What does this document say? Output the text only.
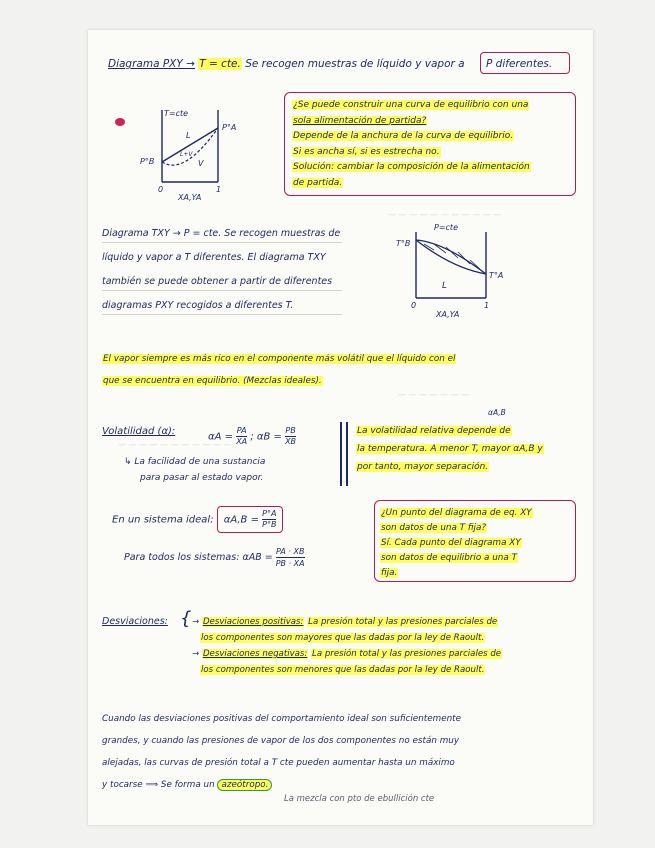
— — — — — — — — — — —
— — — — — — —
— — — — — — — — — — —
Diagrama PXY → T = cte. Se recogen muestras de líquido y vapor a P diferentes.
T=cte
P°A
P°B
L
V
L+V
0	1
XA,YA
¿Se puede construir una curva de equilibrio con una
sola alimentación de partida?
Depende de la anchura de la curva de equilibrio.
Si es ancha sí, si es estrecha no.
Solución: cambiar la composición de la alimentación
de partida.
Diagrama TXY → P = cte. Se recogen muestras de
líquido y vapor a T diferentes. El diagrama TXY
también se puede obtener a partir de diferentes
diagramas PXY recogidos a diferentes T.
P=cte
T°B
T°A
L
0	1
XA,YA
El vapor siempre es más rico en el componente más volátil que el líquido con el
que se encuentra en equilibrio. (Mezclas ideales).
Volatilidad (α):	$\alpha A = \frac{PA}{XA}$ ; $\alpha B = \frac{PB}{XB}$
↳ La facilidad de una sustancia
para pasar al estado vapor.
αA,B
La volatilidad relativa depende de
la temperatura. A menor T, mayor αA,B y
por tanto, mayor separación.
En un sistema ideal: $\alpha A,B = \frac{P^\circ A}{P^\circ B}$
Para todos los sistemas: $\alpha AB = \frac{PA \cdot XB}{PB \cdot XA}$
¿Un punto del diagrama de eq. XY
son datos de una T fija?
Sí. Cada punto del diagrama XY
son datos de equilibrio a una T
fija.
Desviaciones: { → Desviaciones positivas: La presión total y las presiones parciales de
los componentes son mayores que las dadas por la ley de Raoult.
→ Desviaciones negativas: La presión total y las presiones parciales de
los componentes son menores que las dadas por la ley de Raoult.
Cuando las desviaciones positivas del comportamiento ideal son suficientemente
grandes, y cuando las presiones de vapor de los dos componentes no están muy
alejadas, las curvas de presión total a T cte pueden aumentar hasta un máximo
y tocarse ⟹ Se forma un azeótropo.
La mezcla con pto de ebullición cte
